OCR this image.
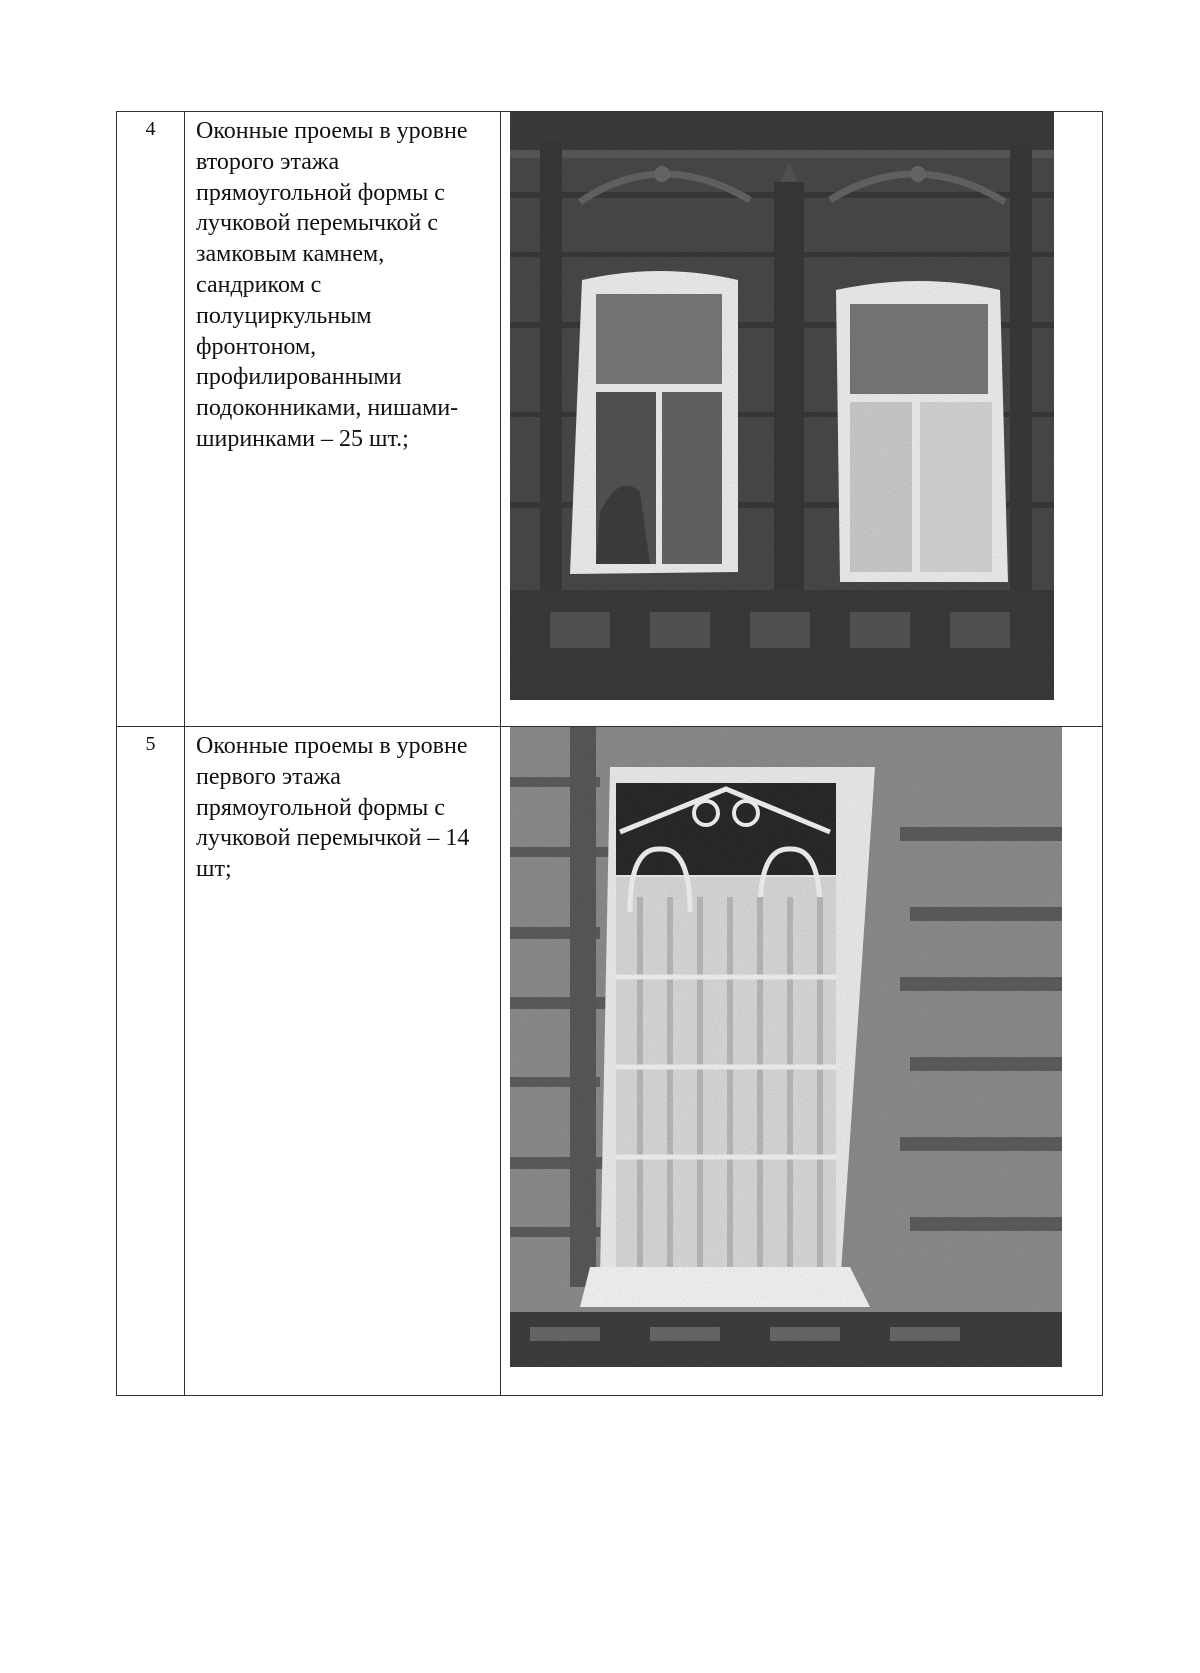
4	Оконные проемы в уровне второго этажа прямоугольной формы с лучковой перемычкой с замковым камнем, сандриком с полуциркульным фронтоном, профилированными подоконниками, нишами- ширинками – 25 шт.;	

5	Оконные проемы в уровне первого этажа прямоугольной формы с лучковой перемычкой – 14 шт;	
